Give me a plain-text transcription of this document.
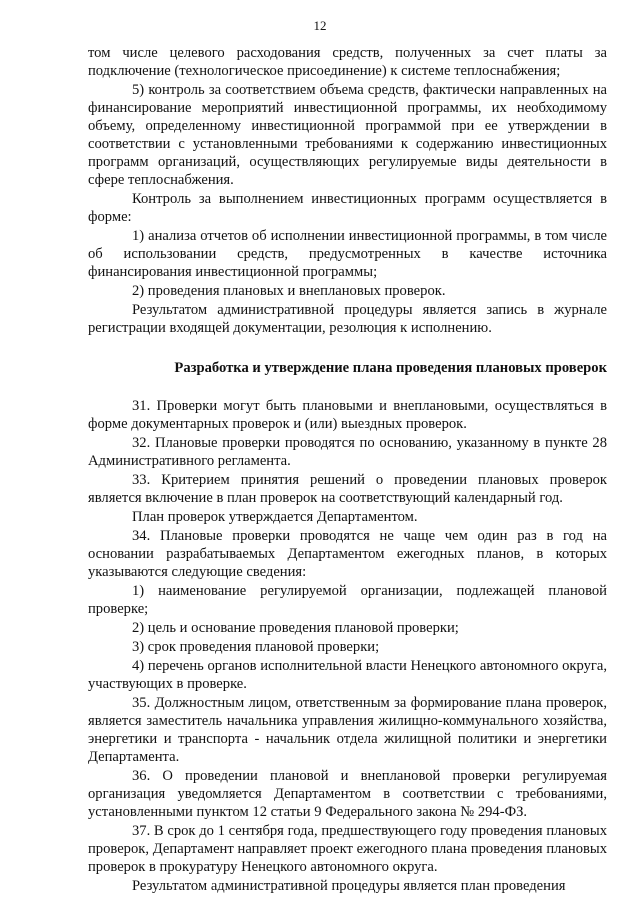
12

том числе целевого расходования средств, полученных за счет платы за подключение (технологическое присоединение) к системе теплоснабжения;

5) контроль за соответствием объема средств, фактически направленных на финансирование мероприятий инвестиционной программы, их необходимому объему, определенному инвестиционной программой при ее утверждении в соответствии с установленными требованиями к содержанию инвестиционных программ организаций, осуществляющих регулируемые виды деятельности в сфере теплоснабжения.

Контроль за выполнением инвестиционных программ осуществляется в форме:

1) анализа отчетов об исполнении инвестиционной программы, в том числе об использовании средств, предусмотренных в качестве источника финансирования инвестиционной программы;

2) проведения плановых и внеплановых проверок.

Результатом административной процедуры является запись в журнале регистрации входящей документации, резолюция к исполнению.

Разработка и утверждение плана проведения плановых проверок

31. Проверки могут быть плановыми и внеплановыми, осуществляться в форме документарных проверок и (или) выездных проверок.

32. Плановые проверки проводятся по основанию, указанному в пункте 28 Административного регламента.

33. Критерием принятия решений о проведении плановых проверок является включение в план проверок на соответствующий календарный год.

План проверок утверждается Департаментом.

34. Плановые проверки проводятся не чаще чем один раз в год на основании разрабатываемых Департаментом ежегодных планов, в которых указываются следующие сведения:

1) наименование регулируемой организации, подлежащей плановой проверке;

2) цель и основание проведения плановой проверки;

3) срок проведения плановой проверки;

4) перечень органов исполнительной власти Ненецкого автономного округа, участвующих в проверке.

35. Должностным лицом, ответственным за формирование плана проверок, является заместитель начальника управления жилищно-коммунального хозяйства, энергетики и транспорта - начальник отдела жилищной политики и энергетики Департамента.

36. О проведении плановой и внеплановой проверки регулируемая организация уведомляется Департаментом в соответствии с требованиями, установленными пунктом 12 статьи 9 Федерального закона № 294-ФЗ.

37. В срок до 1 сентября года, предшествующего году проведения плановых проверок, Департамент направляет проект ежегодного плана проведения плановых проверок в прокуратуру Ненецкого автономного округа.

Результатом административной процедуры является план проведения
